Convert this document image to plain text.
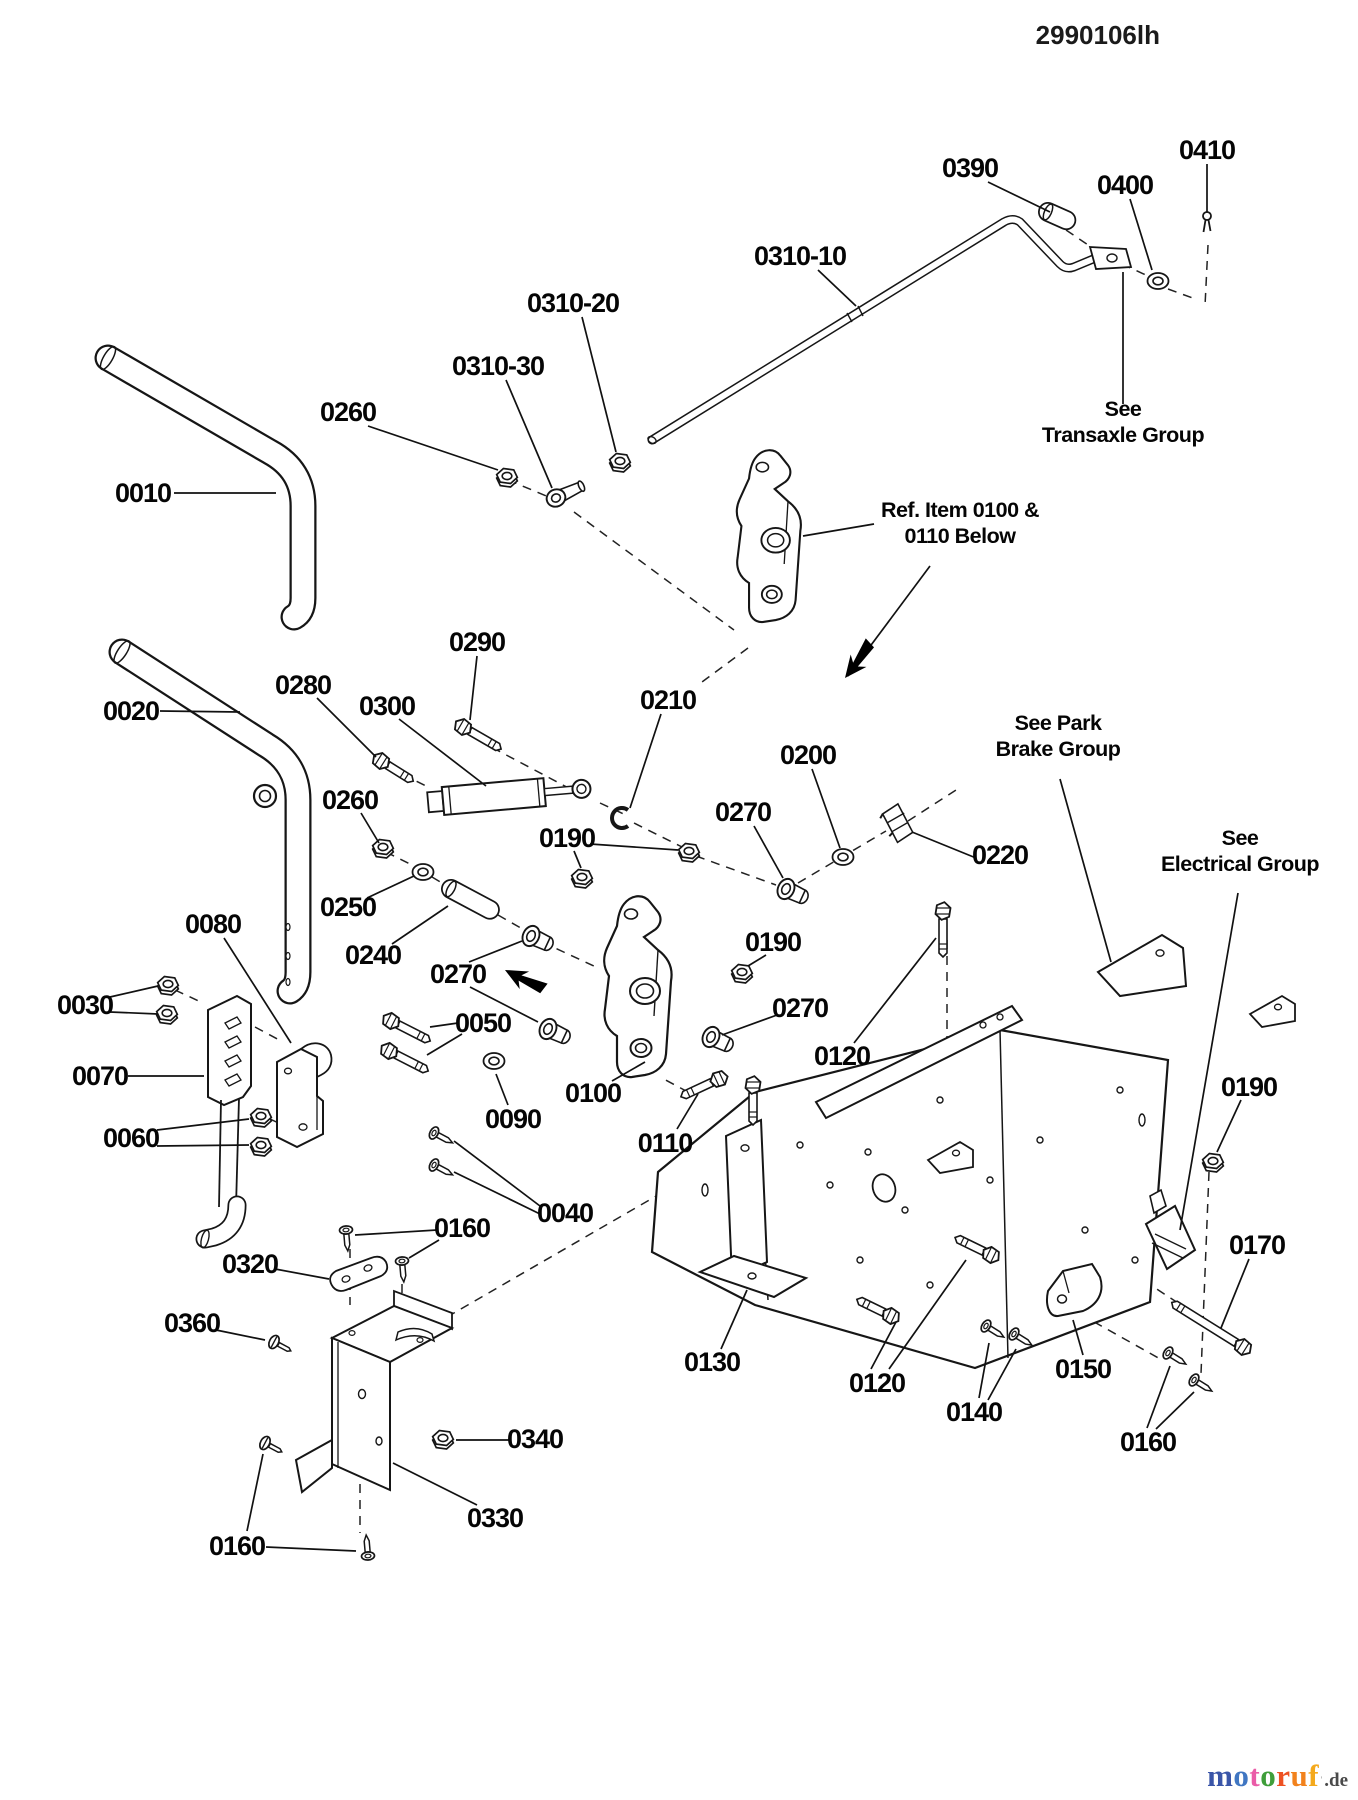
2990106lh
0390
0400
0410
0310-10
0310-20
0310-30
0260
0010
0290
0280
0300	0210
0200
0270
0220
0020
0260
0190
0250
0240
0080
0270
0030
0050	0270
0190
0120
0070
0100
0090
0110
0060
0190
0040
0160
0320
0360
0130
0120
0140
0150
0170
0160
0340
0330
0160
See Transaxle Group
Ref. Item 0100 & 0110 Below
See Park Brake Group
See Electrical Group
motorufˈ.de
